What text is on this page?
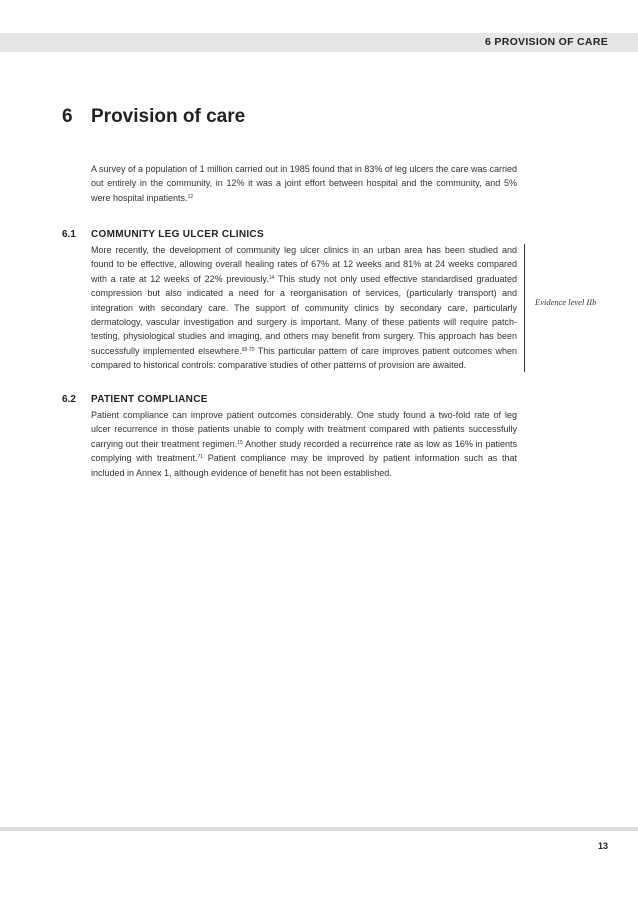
6 PROVISION OF CARE
6 Provision of care

A survey of a population of 1 million carried out in 1985 found that in 83% of leg ulcers the care was carried out entirely in the community, in 12% it was a joint effort between hospital and the community, and 5% were hospital inpatients.$^{12}$

6.1 COMMUNITY LEG ULCER CLINICS

More recently, the development of community leg ulcer clinics in an urban area has been studied and found to be effective, allowing overall healing rates of 67% at 12 weeks and 81% at 24 weeks compared with a rate at 12 weeks of 22% previously.$^{14}$ This study not only used effective standardised graduated compression but also indicated a need for a reorganisation of services, (particularly transport) and integration with secondary care. The support of community clinics by secondary care, particularly dermatology, vascular investigation and surgery is important. Many of these patients will require patch-testing, physiological studies and imaging, and others may benefit from surgery. This approach has been successfully implemented elsewhere.$^{68-70}$ This particular pattern of care improves patient outcomes when compared to historical controls: comparative studies of other patterns of provision are awaited.

Evidence level IIb
6.2 PATIENT COMPLIANCE

Patient compliance can improve patient outcomes considerably. One study found a two-fold rate of leg ulcer recurrence in those patients unable to comply with treatment compared with patients successfully carrying out their treatment regimen.$^{15}$ Another study recorded a recurrence rate as low as 16% in patients complying with treatment.$^{71}$ Patient compliance may be improved by patient information such as that included in Annex 1, although evidence of benefit has not been established.

13
